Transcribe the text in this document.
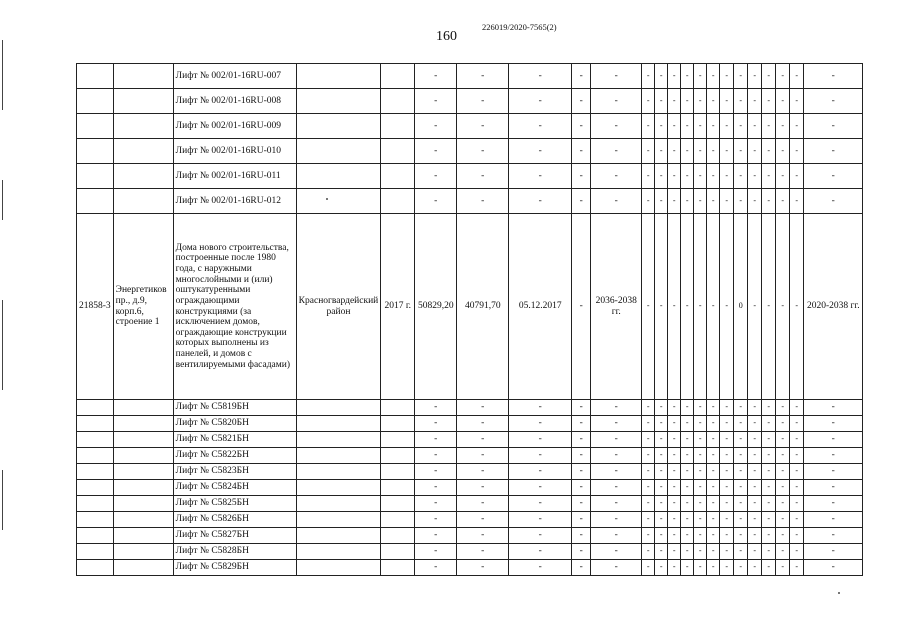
160
226019/2020-7565(2)
		Лифт № 002/01-16RU-007			-	-	-	-	-	-	-	-	-	-	-	-	-	-	-	-	-	-
		Лифт № 002/01-16RU-008			-	-	-	-	-	-	-	-	-	-	-	-	-	-	-	-	-	-
		Лифт № 002/01-16RU-009			-	-	-	-	-	-	-	-	-	-	-	-	-	-	-	-	-	-
		Лифт № 002/01-16RU-010			-	-	-	-	-	-	-	-	-	-	-	-	-	-	-	-	-	-
		Лифт № 002/01-16RU-011			-	-	-	-	-	-	-	-	-	-	-	-	-	-	-	-	-	-
		Лифт № 002/01-16RU-012			-	-	-	-	-	-	-	-	-	-	-	-	-	-	-	-	-	-
21858-3	Энергетиков пр., д.9, корп.6, строение 1	Дома нового строительства, построенные после 1980 года, с наружными многослойными и (или) оштукатуренными ограждающими конструкциями (за исключением домов, ограждающие конструкции которых выполнены из панелей, и домов с вентилируемыми фасадами)	Красногвардейский район	2017 г.	50829,20	40791,70	05.12.2017	-	2036-2038 гг.	-	-	-	-	-	-	-	0	-	-	-	-	2020-2038 гг.
		Лифт № С5819БН			-	-	-	-	-	-	-	-	-	-	-	-	-	-	-	-	-	-
		Лифт № С5820БН			-	-	-	-	-	-	-	-	-	-	-	-	-	-	-	-	-	-
		Лифт № С5821БН			-	-	-	-	-	-	-	-	-	-	-	-	-	-	-	-	-	-
		Лифт № С5822БН			-	-	-	-	-	-	-	-	-	-	-	-	-	-	-	-	-	-
		Лифт № С5823БН			-	-	-	-	-	-	-	-	-	-	-	-	-	-	-	-	-	-
		Лифт № С5824БН			-	-	-	-	-	-	-	-	-	-	-	-	-	-	-	-	-	-
		Лифт № С5825БН			-	-	-	-	-	-	-	-	-	-	-	-	-	-	-	-	-	-
		Лифт № С5826БН			-	-	-	-	-	-	-	-	-	-	-	-	-	-	-	-	-	-
		Лифт № С5827БН			-	-	-	-	-	-	-	-	-	-	-	-	-	-	-	-	-	-
		Лифт № С5828БН			-	-	-	-	-	-	-	-	-	-	-	-	-	-	-	-	-	-
		Лифт № С5829БН			-	-	-	-	-	-	-	-	-	-	-	-	-	-	-	-	-	-
